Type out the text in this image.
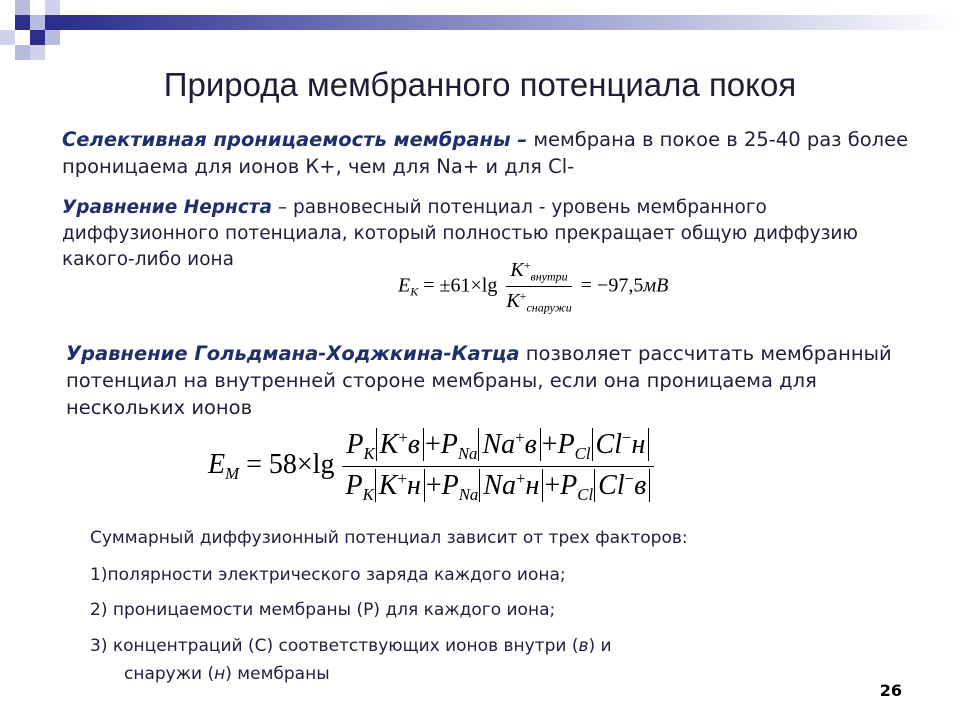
Природа мембранного потенциала покоя
Селективная проницаемость мембраны – мембрана в покое в 25-40 раз более проницаема для ионов К+, чем для Na+ и для Cl-
Уравнение Нернста – равновесный потенциал - уровень мембранного диффузионного потенциала, который полностью прекращает общую диффузию какого-либо иона
$E_K = \pm 61\times\lg \frac{K^+_{внутри}}{K^+_{снаружи}} = -97,5мВ$
Уравнение Гольдмана-Ходжкина-Катца позволяет рассчитать мембранный потенциал на внутренней стороне мембраны, если она проницаема для нескольких ионов
$E_M = 58\times\lg \frac{P_K K^+в +P_{Na} Na^+в +P_{Cl} Cl^-н}{P_K K^+н +P_{Na} Na^+н +P_{Cl} Cl^-в}$
Суммарный диффузионный потенциал зависит от трех факторов:
1)полярности электрического заряда каждого иона;
2) проницаемости мембраны (Р) для каждого иона;
3) концентраций (С) соответствующих ионов внутри (в) и
снаружи (н) мембраны
26
